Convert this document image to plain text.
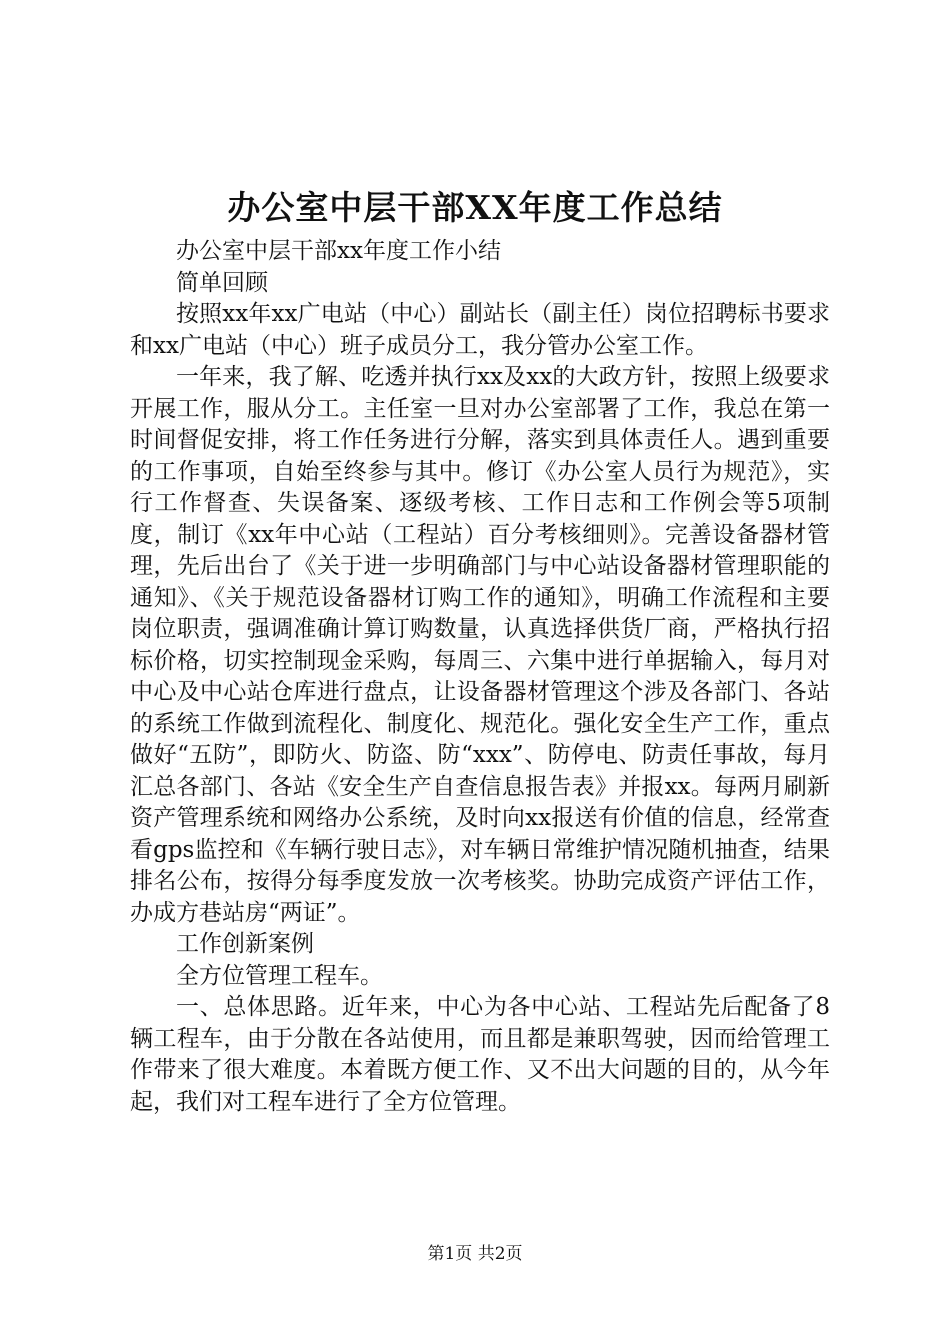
办公室中层干部XX年度工作总结

办公室中层干部xx年度工作小结

简单回顾

按照xx年xx广电站（中心）副站长（副主任）岗位招聘标书要求和xx广电站（中心）班子成员分工，我分管办公室工作。

一年来，我了解、吃透并执行xx及xx的大政方针，按照上级要求开展工作，服从分工。主任室一旦对办公室部署了工作，我总在第一时间督促安排，将工作任务进行分解，落实到具体责任人。遇到重要的工作事项，自始至终参与其中。修订《办公室人员行为规范》，实行工作督查、失误备案、逐级考核、工作日志和工作例会等5项制度，制订《xx年中心站（工程站）百分考核细则》。完善设备器材管理，先后出台了《关于进一步明确部门与中心站设备器材管理职能的通知》、《关于规范设备器材订购工作的通知》，明确工作流程和主要岗位职责，强调准确计算订购数量，认真选择供货厂商，严格执行招标价格，切实控制现金采购，每周三、六集中进行单据输入，每月对中心及中心站仓库进行盘点，让设备器材管理这个涉及各部门、各站的系统工作做到流程化、制度化、规范化。强化安全生产工作，重点做好“五防”，即防火、防盗、防“xxx”、防停电、防责任事故，每月汇总各部门、各站《安全生产自查信息报告表》并报xx。每两月刷新资产管理系统和网络办公系统，及时向xx报送有价值的信息，经常查看gps监控和《车辆行驶日志》，对车辆日常维护情况随机抽查，结果排名公布，按得分每季度发放一次考核奖。协助完成资产评估工作，办成方巷站房“两证”。

工作创新案例

全方位管理工程车。

一、总体思路。近年来，中心为各中心站、工程站先后配备了8辆工程车，由于分散在各站使用，而且都是兼职驾驶，因而给管理工作带来了很大难度。本着既方便工作、又不出大问题的目的，从今年起，我们对工程车进行了全方位管理。

第1页 共2页
